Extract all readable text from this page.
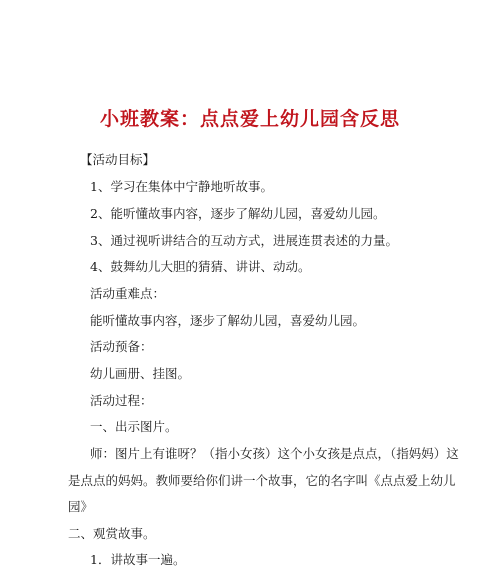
小班教案：点点爱上幼儿园含反思
【活动目标】
1、学习在集体中宁静地听故事。
2、能听懂故事内容，逐步了解幼儿园，喜爱幼儿园。
3、通过视听讲结合的互动方式，进展连贯表述的力量。
4、鼓舞幼儿大胆的猜猜、讲讲、动动。
活动重难点：
能听懂故事内容，逐步了解幼儿园，喜爱幼儿园。
活动预备：
幼儿画册、挂图。
活动过程：
一、出示图片。
师：图片上有谁呀？（指小女孩）这个小女孩是点点，（指妈妈）这
是点点的妈妈。教师要给你们讲一个故事，它的名字叫《点点爱上幼儿
园》
二、观赏故事。
1．讲故事一遍。
